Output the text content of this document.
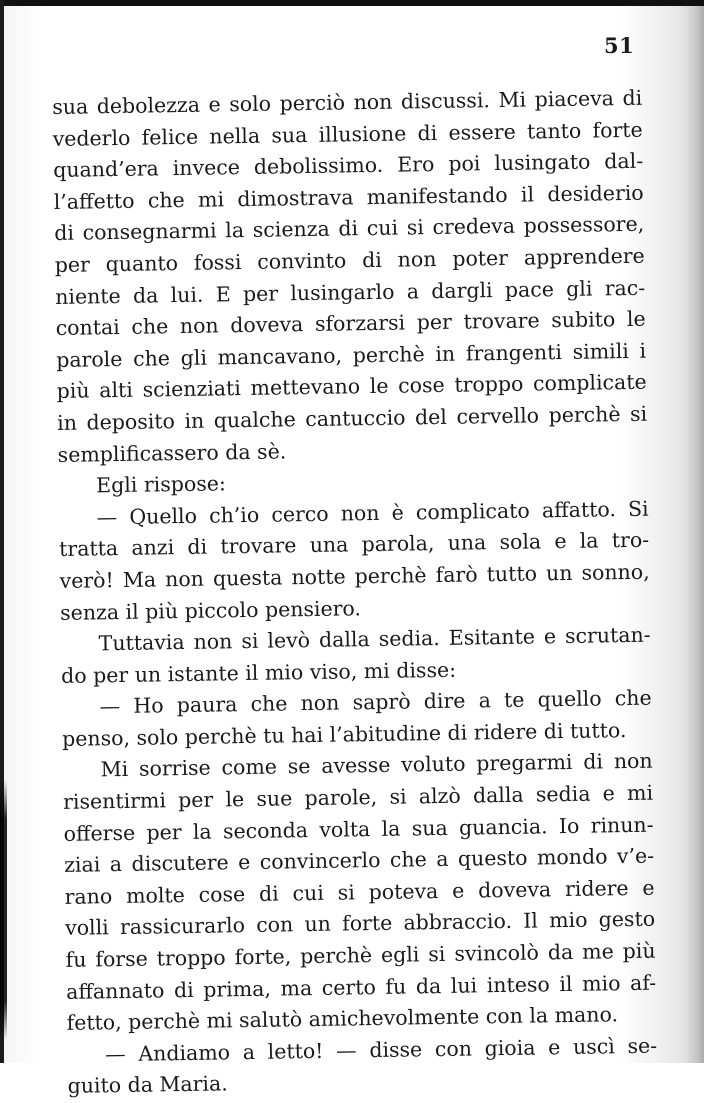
51
sua debolezza e solo perciò non discussi. Mi piaceva di
vederlo felice nella sua illusione di essere tanto forte
quand’era invece debolissimo. Ero poi lusingato dal-
l’affetto che mi dimostrava manifestando il desiderio
di consegnarmi la scienza di cui si credeva possessore,
per quanto fossi convinto di non poter apprendere
niente da lui. E per lusingarlo a dargli pace gli rac-
contai che non doveva sforzarsi per trovare subito le
parole che gli mancavano, perchè in frangenti simili i
più alti scienziati mettevano le cose troppo complicate
in deposito in qualche cantuccio del cervello perchè si
semplificassero da sè.
Egli rispose:
— Quello ch’io cerco non è complicato affatto. Si
tratta anzi di trovare una parola, una sola e la tro-
verò! Ma non questa notte perchè farò tutto un sonno,
senza il più piccolo pensiero.
Tuttavia non si levò dalla sedia. Esitante e scrutan-
do per un istante il mio viso, mi disse:
— Ho paura che non saprò dire a te quello che
penso, solo perchè tu hai l’abitudine di ridere di tutto.
Mi sorrise come se avesse voluto pregarmi di non
risentirmi per le sue parole, si alzò dalla sedia e mi
offerse per la seconda volta la sua guancia. Io rinun-
ziai a discutere e convincerlo che a questo mondo v’e-
rano molte cose di cui si poteva e doveva ridere e
volli rassicurarlo con un forte abbraccio. Il mio gesto
fu forse troppo forte, perchè egli si svincolò da me più
affannato di prima, ma certo fu da lui inteso il mio af-
fetto, perchè mi salutò amichevolmente con la mano.
— Andiamo a letto! — disse con gioia e uscì se-
guito da Maria.
